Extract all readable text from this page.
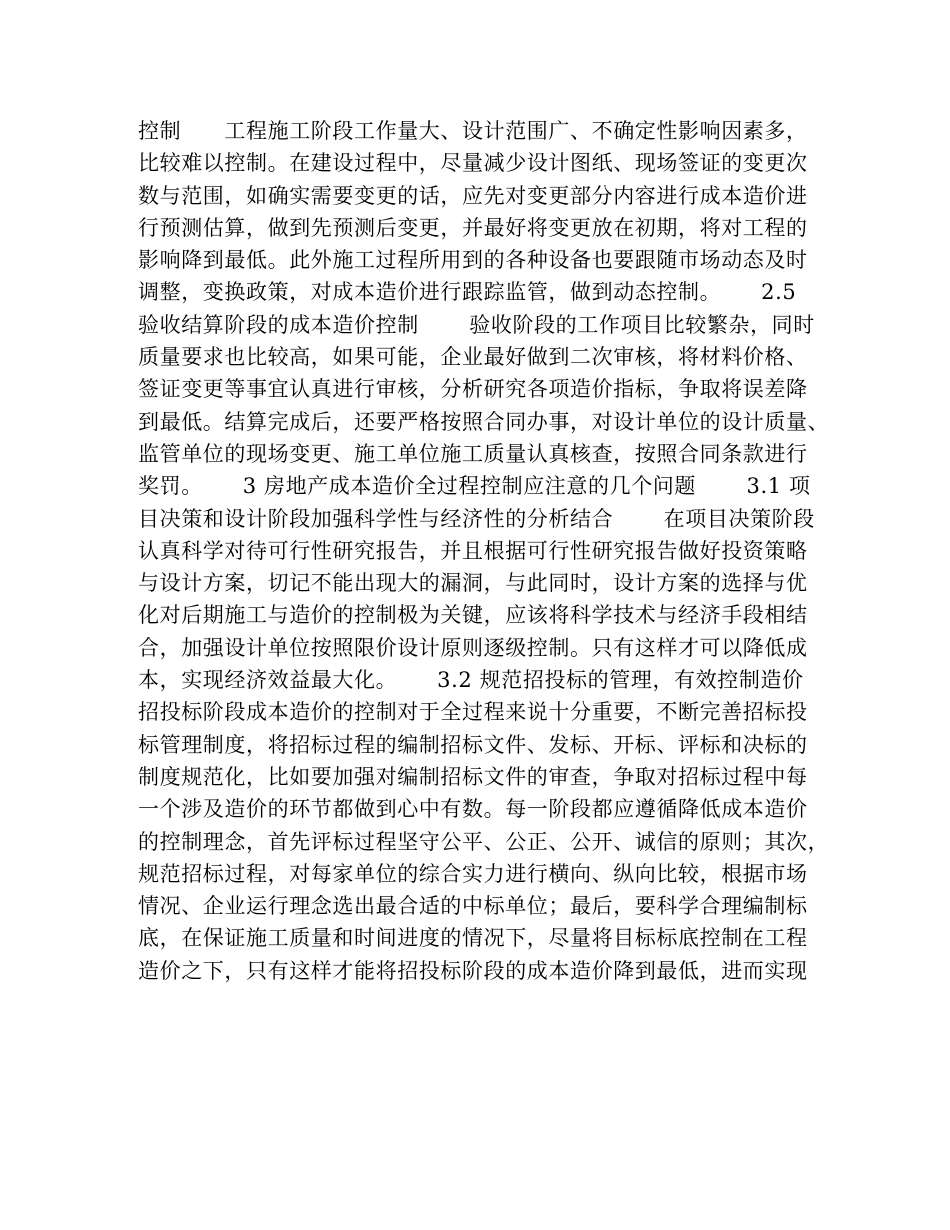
控制　　工程施工阶段工作量大、设计范围广、不确定性影响因素多，
比较难以控制。在建设过程中，尽量减少设计图纸、现场签证的变更次
数与范围，如确实需要变更的话，应先对变更部分内容进行成本造价进
行预测估算，做到先预测后变更，并最好将变更放在初期，将对工程的
影响降到最低。此外施工过程所用到的各种设备也要跟随市场动态及时
调整，变换政策，对成本造价进行跟踪监管，做到动态控制。　　 2.5
验收结算阶段的成本造价控制　　 验收阶段的工作项目比较繁杂，同时
质量要求也比较高，如果可能，企业最好做到二次审核，将材料价格、
签证变更等事宜认真进行审核，分析研究各项造价指标，争取将误差降
到最低。结算完成后，还要严格按照合同办事，对设计单位的设计质量、
监管单位的现场变更、施工单位施工质量认真核查，按照合同条款进行
奖罚。　　 3 房地产成本造价全过程控制应注意的几个问题　　 3.1 项
目决策和设计阶段加强科学性与经济性的分析结合　　 在项目决策阶段
认真科学对待可行性研究报告，并且根据可行性研究报告做好投资策略
与设计方案，切记不能出现大的漏洞，与此同时，设计方案的选择与优
化对后期施工与造价的控制极为关键，应该将科学技术与经济手段相结
合，加强设计单位按照限价设计原则逐级控制。只有这样才可以降低成
本，实现经济效益最大化。　　 3.2 规范招投标的管理，有效控制造价
招投标阶段成本造价的控制对于全过程来说十分重要，不断完善招标投
标管理制度，将招标过程的编制招标文件、发标、开标、评标和决标的
制度规范化，比如要加强对编制招标文件的审查，争取对招标过程中每
一个涉及造价的环节都做到心中有数。每一阶段都应遵循降低成本造价
的控制理念，首先评标过程坚守公平、公正、公开、诚信的原则；其次，
规范招标过程，对每家单位的综合实力进行横向、纵向比较，根据市场
情况、企业运行理念选出最合适的中标单位；最后，要科学合理编制标
底，在保证施工质量和时间进度的情况下，尽量将目标标底控制在工程
造价之下，只有这样才能将招投标阶段的成本造价降到最低，进而实现
